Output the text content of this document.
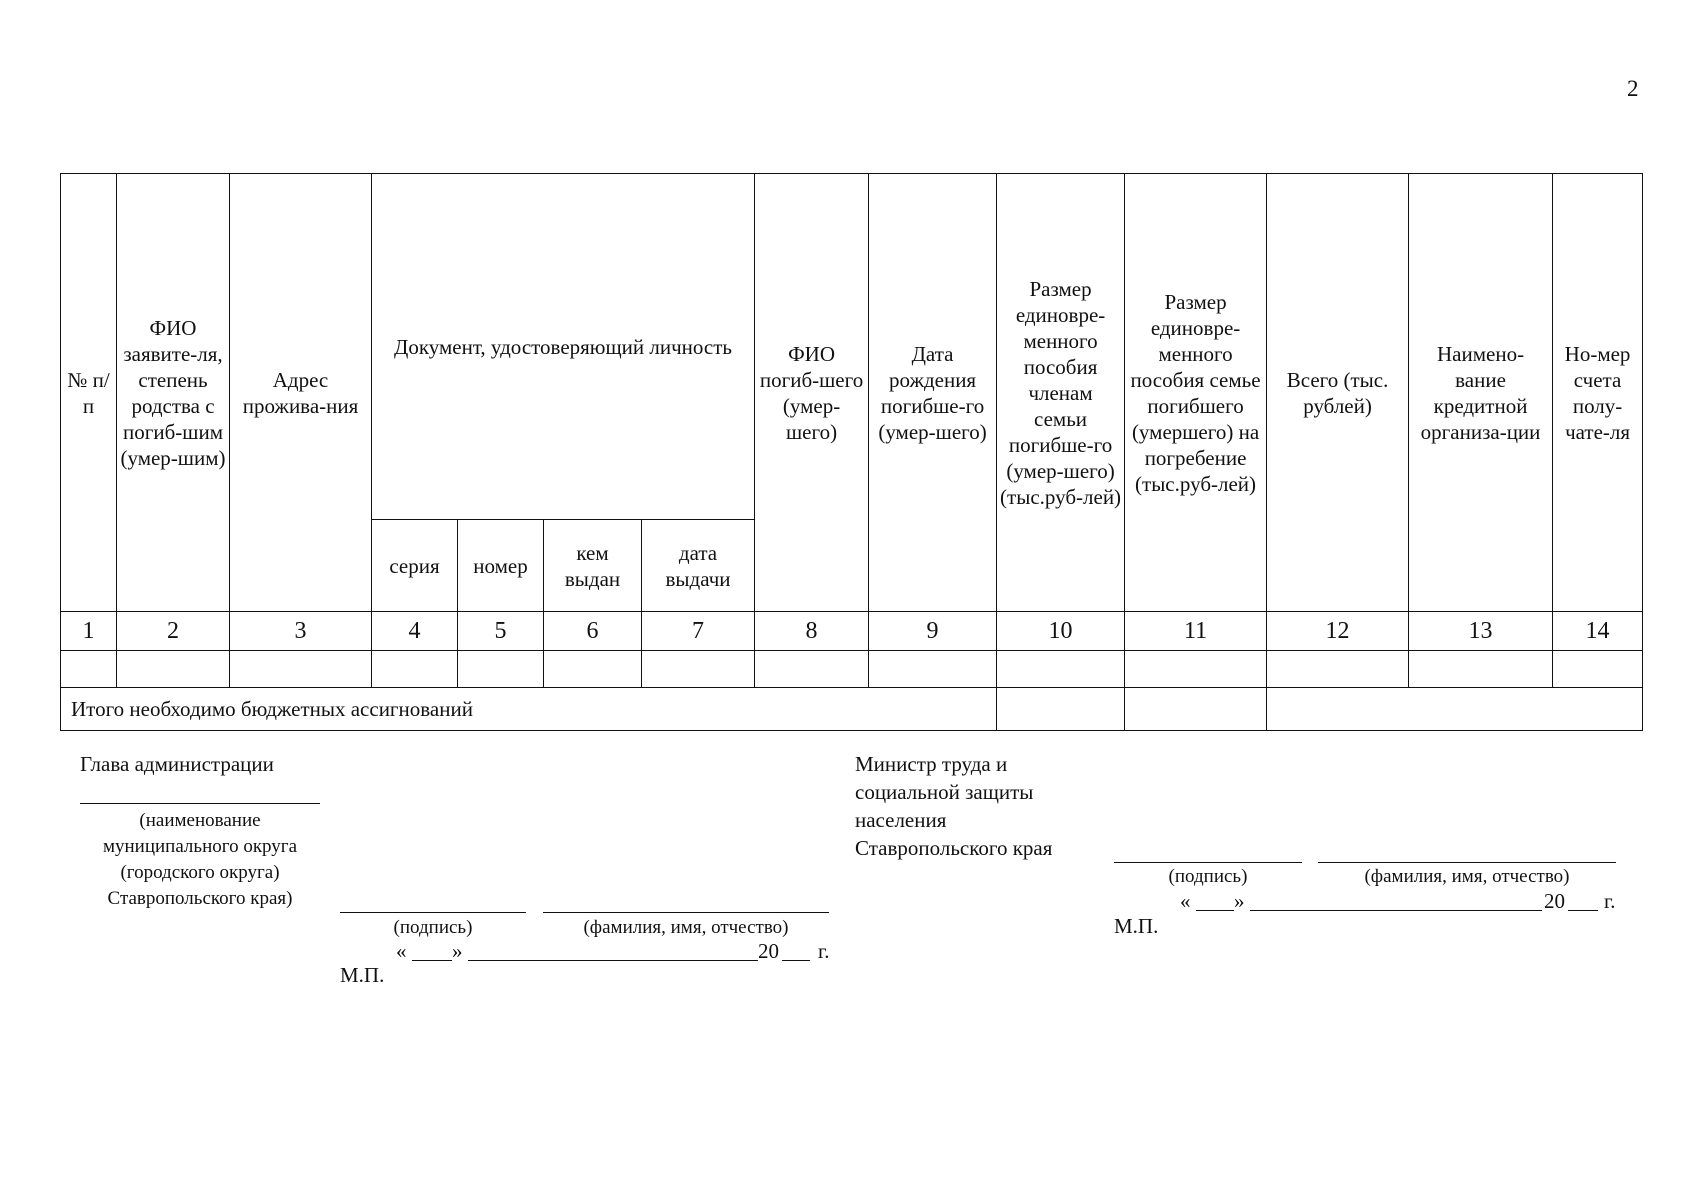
2
№ п/п	ФИО заявите-ля, степень родства с погиб-шим (умер-шим)	Адрес прожива-ния	Документ, удостоверяющий личность				ФИО погиб-шего (умер-шего)	Дата рождения погибше-го (умер-шего)	Размер единовре-менного пособия членам семьи погибше-го (умер-шего) (тыс.руб-лей)	Размер единовре-менного пособия семье погибшего (умершего) на погребение (тыс.руб-лей)	Всего (тыс. рублей)	Наимено-вание кредитной организа-ции	Но-мер счета полу-чате-ля
			серия	номер	кем выдан	дата выдачи							
1	2	3	4	5	6	7	8	9	10	11	12	13	14

Итого необходимо бюджетных ассигнований													
Глава администрации
(наименование
муниципального округа
(городского округа)
Ставропольского края)
(подпись)	(фамилия, имя, отчество)
« »	20 г.
М.П.
Министр труда и
социальной защиты
населения
Ставропольского края
(подпись)	(фамилия, имя, отчество)
« »	20 г.
М.П.
